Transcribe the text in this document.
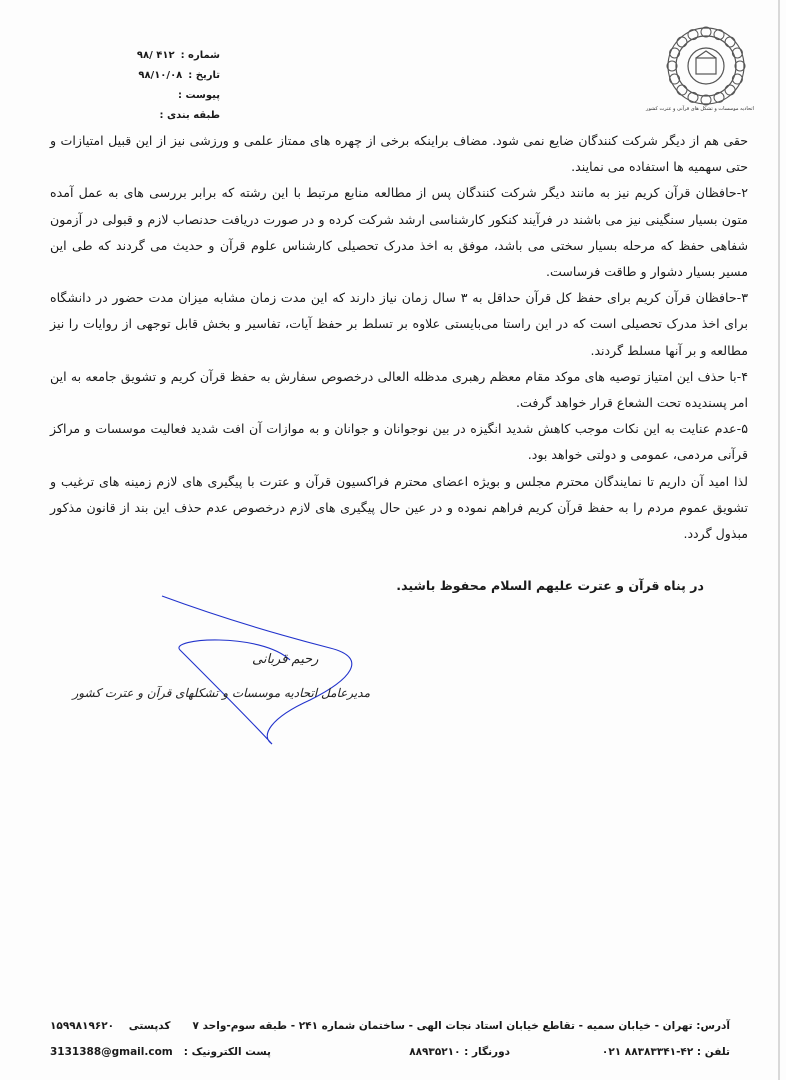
شماره :
۹۸/ ۴۱۲
تاریخ :
۹۸/۱۰/۰۸
پیوست :
طبقه بندی :
اتحادیه موسسات و تشکل های قرآنی و عترت کشور

حقی هم از دیگر شرکت کنندگان ضایع نمی شود. مضاف براینکه برخی از چهره های ممتاز علمی و ورزشی نیز از این قبیل امتیازات و حتی سهمیه ها استفاده می نمایند.

۲-حافظان قرآن کریم نیز به مانند دیگر شرکت کنندگان پس از مطالعه منابع مرتبط با این رشته که برابر بررسی های به عمل آمده متون بسیار سنگینی نیز می باشند در فرآیند کنکور کارشناسی ارشد شرکت کرده و در صورت دریافت حدنصاب لازم و قبولی در آزمون شفاهی حفظ که مرحله بسیار سختی می باشد، موفق به اخذ مدرک تحصیلی کارشناس علوم قرآن و حدیث می گردند که طی این مسیر بسیار دشوار و طاقت فرساست.

۳-حافظان قرآن کریم برای حفظ کل قرآن حداقل به ۳ سال زمان نیاز دارند که این مدت زمان مشابه میزان مدت حضور در دانشگاه برای اخذ مدرک تحصیلی است که در این راستا می‌بایستی علاوه بر تسلط بر حفظ آیات، تفاسیر و بخش قابل توجهی از روایات را نیز مطالعه و بر آنها مسلط گردند.

۴-با حذف این امتیاز توصیه های موکد مقام معظم رهبری مدظله العالی درخصوص سفارش به حفظ قرآن کریم و تشویق جامعه به این امر پسندیده تحت الشعاع قرار خواهد گرفت.

۵-عدم عنایت به این نکات موجب کاهش شدید انگیزه در بین نوجوانان و جوانان و به موازات آن افت شدید فعالیت موسسات و مراکز قرآنی مردمی، عمومی و دولتی خواهد بود.

لذا امید آن داریم تا نمایندگان محترم مجلس و بویژه اعضای محترم فراکسیون قرآن و عترت با پیگیری های لازم زمینه های ترغیب و تشویق عموم مردم را به حفظ قرآن کریم فراهم نموده و در عین حال پیگیری های لازم درخصوص عدم حذف این بند از قانون مذکور مبذول گردد.

در پناه قرآن و عترت علیهم السلام محفوظ باشید.
رحیم قربانی
مدیرعامل اتحادیه موسسات و تشکلهای قرآن و عترت کشور
آدرس: تهران - خیابان سمیه - تقاطع خیابان استاد نجات الهی - ساختمان شماره ۲۴۱ - طبقه سوم-واحد ۷
کدپستی    ۱۵۹۹۸۱۹۶۲۰
تلفن : ۰۲۱ ۸۸۳۸۳۳۴۱-۴۲
دورنگار : ۸۸۹۳۵۲۱۰
پست الکترونیک :   3131388@gmail.com
